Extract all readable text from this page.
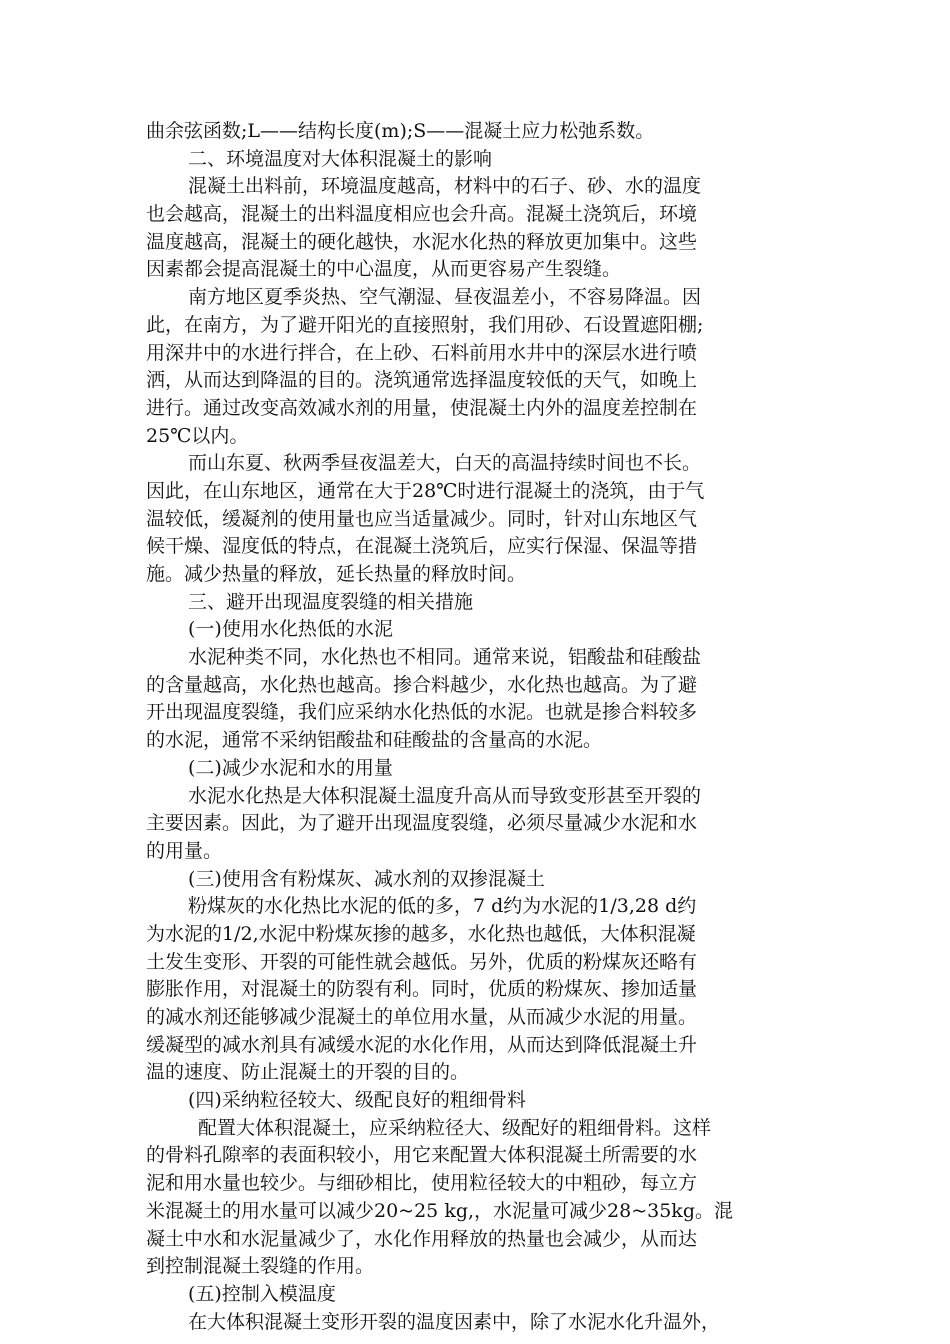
曲余弦函数;L——结构长度(m);S——混凝土应力松弛系数。
二、环境温度对大体积混凝土的影响
混凝土出料前，环境温度越高，材料中的石子、砂、水的温度
也会越高，混凝土的出料温度相应也会升高。混凝土浇筑后，环境
温度越高，混凝土的硬化越快，水泥水化热的释放更加集中。这些
因素都会提高混凝土的中心温度，从而更容易产生裂缝。
南方地区夏季炎热、空气潮湿、昼夜温差小，不容易降温。因
此，在南方，为了避开阳光的直接照射，我们用砂、石设置遮阳棚;
用深井中的水进行拌合，在上砂、石料前用水井中的深层水进行喷
洒，从而达到降温的目的。浇筑通常选择温度较低的天气，如晚上
进行。通过改变高效减水剂的用量，使混凝土内外的温度差控制在
25℃以内。
而山东夏、秋两季昼夜温差大，白天的高温持续时间也不长。
因此，在山东地区，通常在大于28℃时进行混凝土的浇筑，由于气
温较低，缓凝剂的使用量也应当适量减少。同时，针对山东地区气
候干燥、湿度低的特点，在混凝土浇筑后，应实行保湿、保温等措
施。减少热量的释放，延长热量的释放时间。
三、避开出现温度裂缝的相关措施
(一)使用水化热低的水泥
水泥种类不同，水化热也不相同。通常来说，铝酸盐和硅酸盐
的含量越高，水化热也越高。掺合料越少，水化热也越高。为了避
开出现温度裂缝，我们应采纳水化热低的水泥。也就是掺合料较多
的水泥，通常不采纳铝酸盐和硅酸盐的含量高的水泥。
(二)减少水泥和水的用量
水泥水化热是大体积混凝土温度升高从而导致变形甚至开裂的
主要因素。因此，为了避开出现温度裂缝，必须尽量减少水泥和水
的用量。
(三)使用含有粉煤灰、减水剂的双掺混凝土
粉煤灰的水化热比水泥的低的多，7 d约为水泥的1/3,28 d约
为水泥的1/2,水泥中粉煤灰掺的越多，水化热也越低，大体积混凝
土发生变形、开裂的可能性就会越低。另外，优质的粉煤灰还略有
膨胀作用，对混凝土的防裂有利。同时，优质的粉煤灰、掺加适量
的减水剂还能够减少混凝土的单位用水量，从而减少水泥的用量。
缓凝型的减水剂具有减缓水泥的水化作用，从而达到降低混凝土升
温的速度、防止混凝土的开裂的目的。
(四)采纳粒径较大、级配良好的粗细骨料
配置大体积混凝土，应采纳粒径大、级配好的粗细骨料。这样
的骨料孔隙率的表面积较小，用它来配置大体积混凝土所需要的水
泥和用水量也较少。与细砂相比，使用粒径较大的中粗砂，每立方
米混凝土的用水量可以减少20~25 kg,，水泥量可减少28~35kg。混
凝土中水和水泥量减少了，水化作用释放的热量也会减少，从而达
到控制混凝土裂缝的作用。
(五)控制入模温度
在大体积混凝土变形开裂的温度因素中，除了水泥水化升温外，
